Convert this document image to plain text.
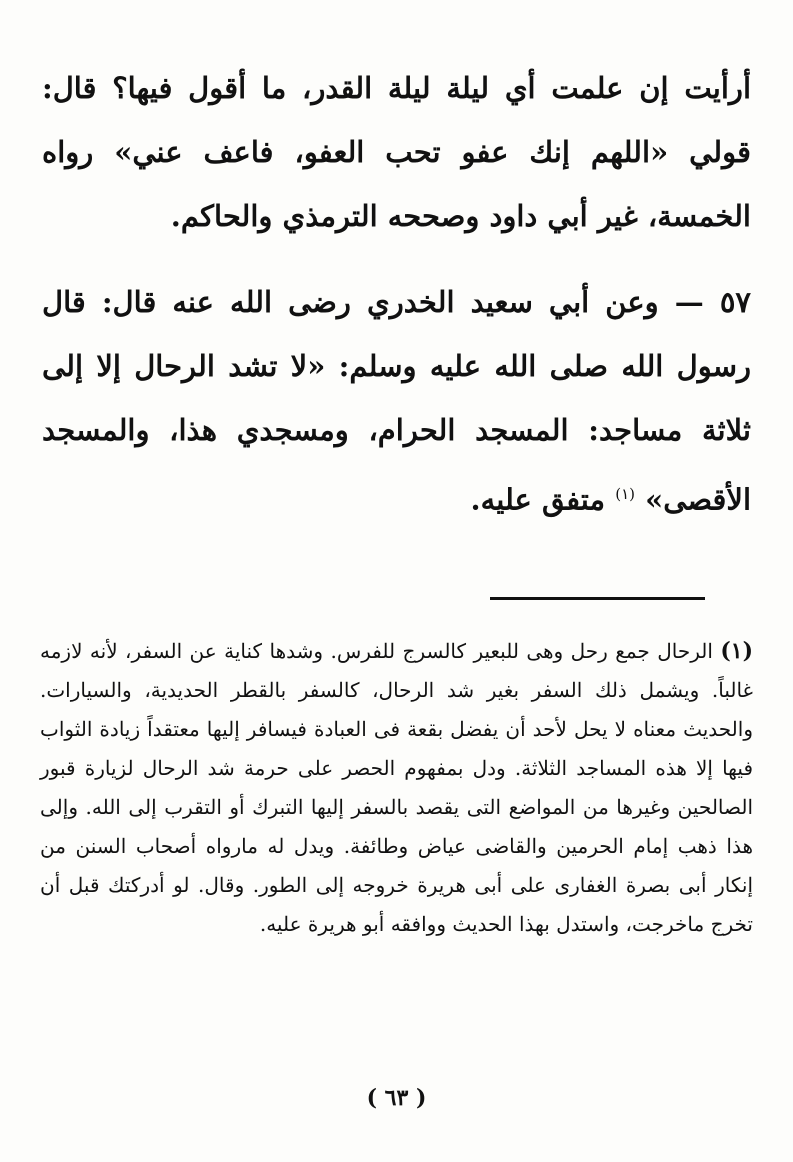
أرأيت إن علمت أي ليلة ليلة القدر، ما أقول فيها؟ قال: قولي «اللهم إنك عفو تحب العفو، فاعف عني» رواه الخمسة، غير أبي داود وصححه الترمذي والحاكم.

٥٧ — وعن أبي سعيد الخدري رضى الله عنه قال: قال رسول الله صلى الله عليه وسلم: «لا تشد الرحال إلا إلى ثلاثة مساجد: المسجد الحرام، ومسجدي هذا، والمسجد الأقصى» $^{(١)}$ متفق عليه.

(١) الرحال جمع رحل وهى للبعير كالسرج للفرس. وشدها كناية عن السفر، لأنه لازمه غالباً. ويشمل ذلك السفر بغير شد الرحال، كالسفر بالقطر الحديدية، والسيارات. والحديث معناه لا يحل لأحد أن يفضل بقعة فى العبادة فيسافر إليها معتقداً زيادة الثواب فيها إلا هذه المساجد الثلاثة. ودل بمفهوم الحصر على حرمة شد الرحال لزيارة قبور الصالحين وغيرها من المواضع التى يقصد بالسفر إليها التبرك أو التقرب إلى الله. وإلى هذا ذهب إمام الحرمين والقاضى عياض وطائفة. ويدل له مارواه أصحاب السنن من إنكار أبى بصرة الغفارى على أبى هريرة خروجه إلى الطور. وقال. لو أدركتك قبل أن تخرج ماخرجت، واستدل بهذا الحديث ووافقه أبو هريرة عليه.

( ٦٣ )
